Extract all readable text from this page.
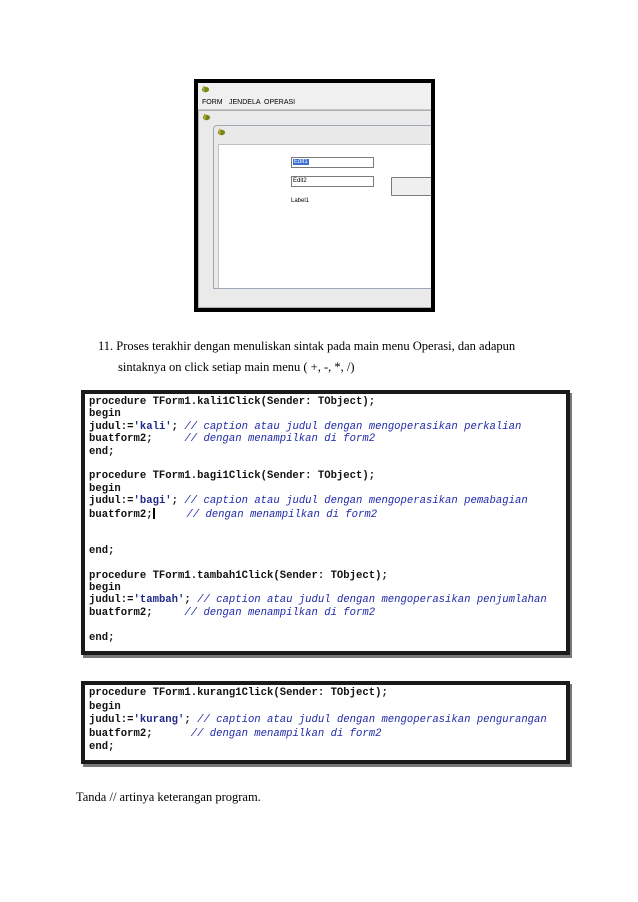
FORM JENDELA OPERASI
Edit1
Edit2
Label1
11. Proses terakhir dengan menuliskan sintak pada main menu Operasi, dan adapun
sintaknya on click setiap main menu ( +, -, *, /)
procedure TForm1.kali1Click(Sender: TObject);
begin
judul:='kali'; // caption atau judul dengan mengoperasikan perkalian
buatform2;	// dengan menampilkan di form2
end;
procedure TForm1.bagi1Click(Sender: TObject);
begin
judul:='bagi'; // caption atau judul dengan mengoperasikan pemabagian
buatform2;	// dengan menampilkan di form2
end;
procedure TForm1.tambah1Click(Sender: TObject);
begin
judul:='tambah'; // caption atau judul dengan mengoperasikan penjumlahan
buatform2;	// dengan menampilkan di form2
end;
procedure TForm1.kurang1Click(Sender: TObject);
begin
judul:='kurang'; // caption atau judul dengan mengoperasikan pengurangan
buatform2;	// dengan menampilkan di form2
end;
Tanda // artinya keterangan program.
